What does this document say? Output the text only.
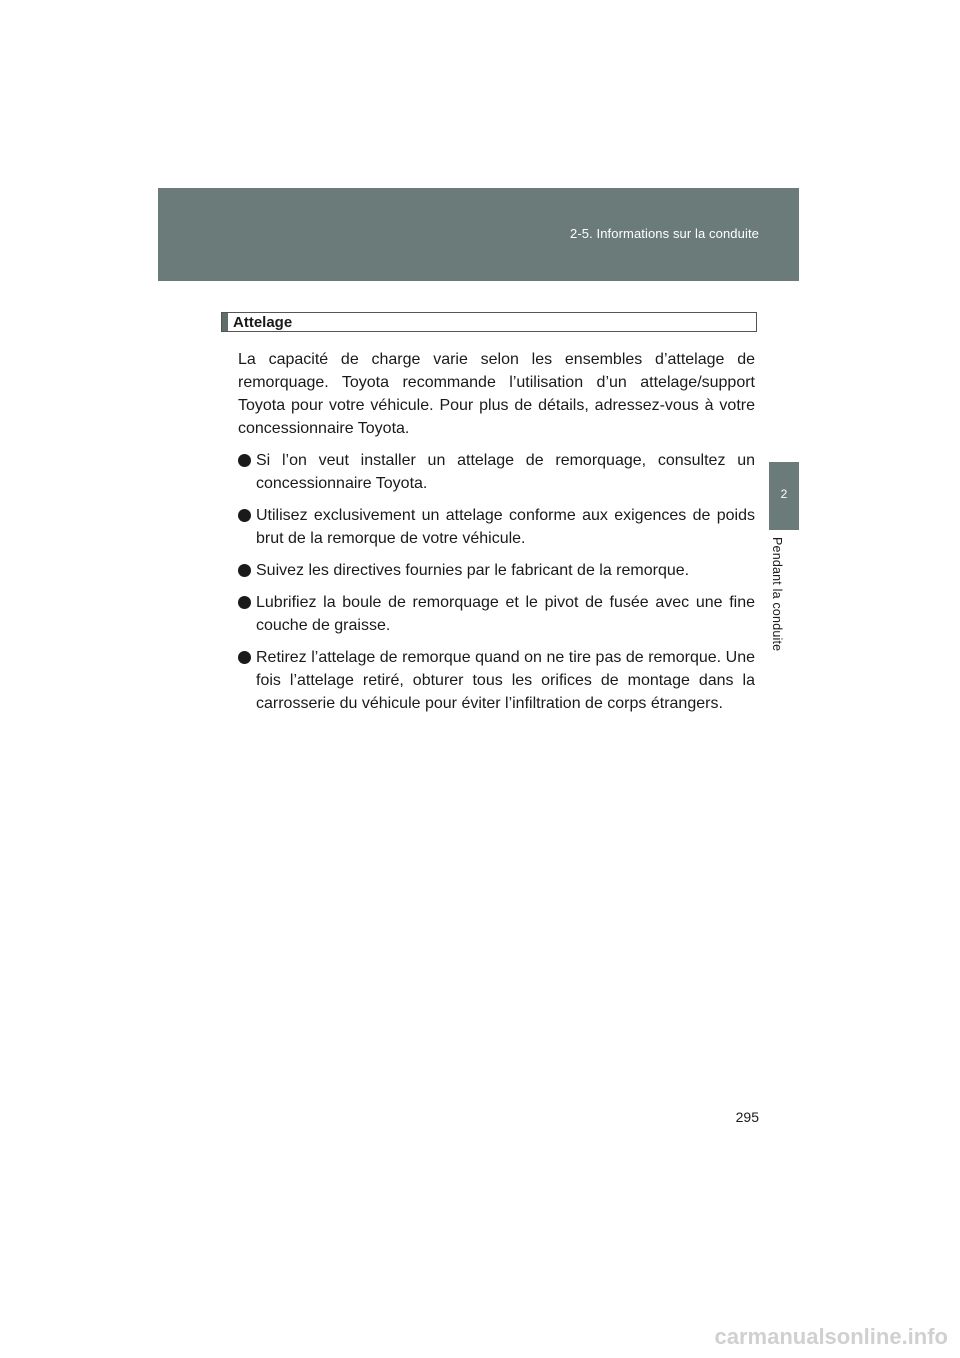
2-5. Informations sur la conduite
2
Pendant la conduite
Attelage
La capacité de charge varie selon les ensembles d’attelage de remorquage. Toyota recommande l’utilisation d’un attelage/support Toyota pour votre véhicule. Pour plus de détails, adressez-vous à votre concessionnaire Toyota.
Si l’on veut installer un attelage de remorquage, consultez un concessionnaire Toyota.
Utilisez exclusivement un attelage conforme aux exigences de poids brut de la remorque de votre véhicule.
Suivez les directives fournies par le fabricant de la remorque.
Lubrifiez la boule de remorquage et le pivot de fusée avec une fine couche de graisse.
Retirez l’attelage de remorque quand on ne tire pas de remorque. Une fois l’attelage retiré, obturer tous les orifices de montage dans la carrosserie du véhicule pour éviter l’infiltration de corps étrangers.
295
carmanualsonline.info
